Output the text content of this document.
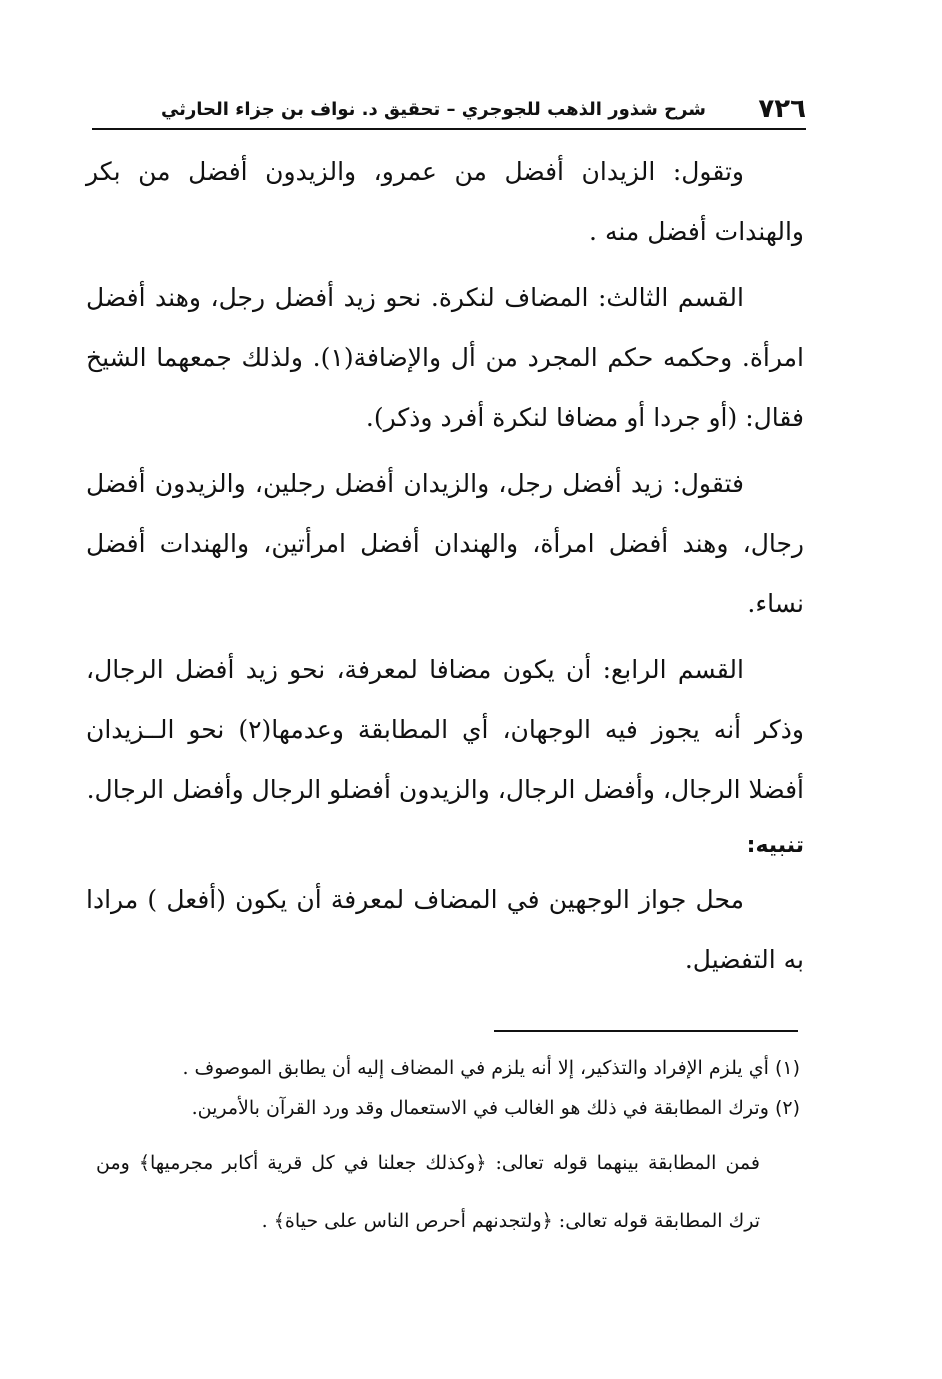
٧٢٦
شرح شذور الذهب للجوجري – تحقيق د. نواف بن جزاء الحارثي

وتقول: الزيدان أفضل من عمرو، والزيدون أفضل من بكر والهندات أفضل منه .

القسم الثالث: المضاف لنكرة. نحو زيد أفضل رجل، وهند أفضل امرأة. وحكمه حكم المجرد من أل والإضافة(١). ولذلك جمعهما الشيخ فقال: (أو جردا أو مضافا لنكرة أفرد وذكر).

فتقول: زيد أفضل رجل، والزيدان أفضل رجلين، والزيدون أفضل رجال، وهند أفضل امرأة، والهندان أفضل امرأتين، والهندات أفضل نساء.

القسم الرابع: أن يكون مضافا لمعرفة، نحو زيد أفضل الرجال، وذكر أنه يجوز فيه الوجهان، أي المطابقة وعدمها(٢) نحو الــزيدان أفضلا الرجال، وأفضل الرجال، والزيدون أفضلو الرجال وأفضل الرجال.

تنبيه:

محل جواز الوجهين في المضاف لمعرفة أن يكون (أفعل ) مرادا به التفضيل.

(١) أي يلزم الإفراد والتذكير، إلا أنه يلزم في المضاف إليه أن يطابق الموصوف .

(٢) وترك المطابقة في ذلك هو الغالب في الاستعمال وقد ورد القرآن بالأمرين.

فمن المطابقة بينهما قوله تعالى: ﴿وكذلك جعلنا في كل قرية أكابر مجرميها﴾ ومن ترك المطابقة قوله تعالى: ﴿ولتجدنهم أحرص الناس على حياة﴾ .
